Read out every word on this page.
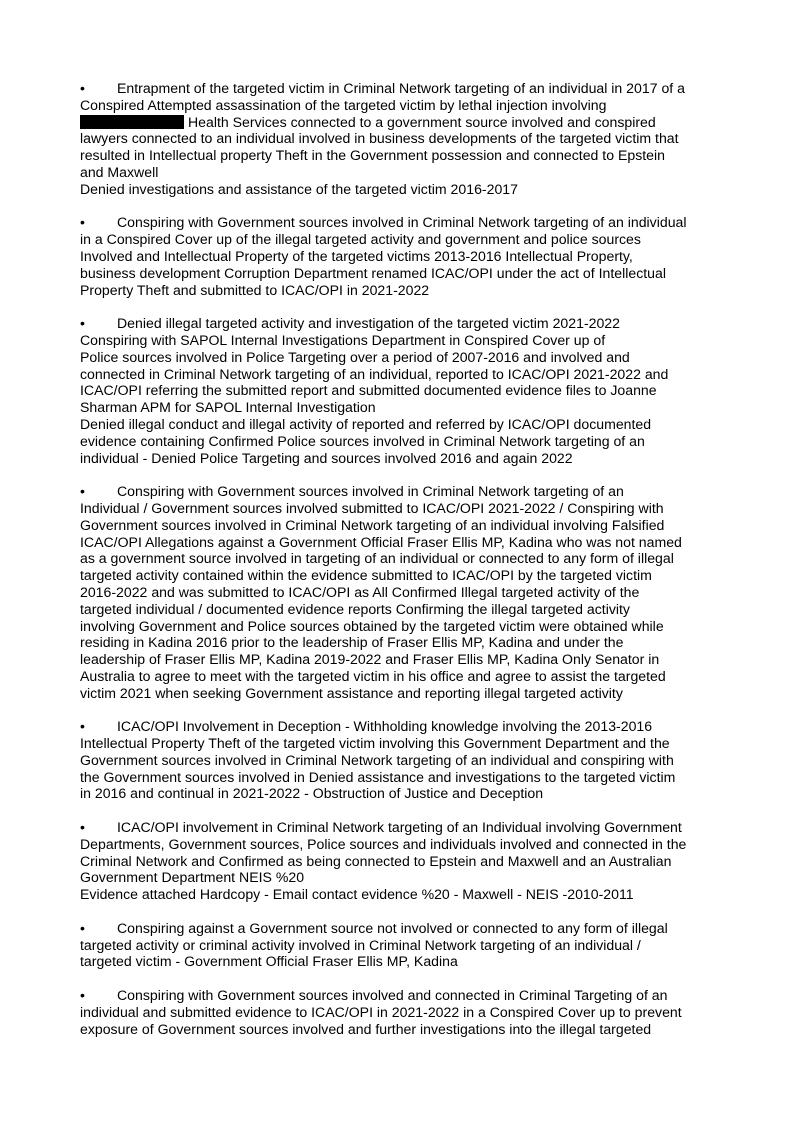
• Entrapment of the targeted victim in Criminal Network targeting of an individual in 2017 of a
Conspired Attempted assassination of the targeted victim by lethal injection involving
Health Services connected to a government source involved and conspired
lawyers connected to an individual involved in business developments of the targeted victim that
resulted in Intellectual property Theft in the Government possession and connected to Epstein
and Maxwell
Denied investigations and assistance of the targeted victim 2016-2017
• Conspiring with Government sources involved in Criminal Network targeting of an individual
in a Conspired Cover up of the illegal targeted activity and government and police sources
Involved and Intellectual Property of the targeted victims 2013-2016 Intellectual Property,
business development Corruption Department renamed ICAC/OPI under the act of Intellectual
Property Theft and submitted to ICAC/OPI in 2021-2022
• Denied illegal targeted activity and investigation of the targeted victim 2021-2022
Conspiring with SAPOL Internal Investigations Department in Conspired Cover up of
Police sources involved in Police Targeting over a period of 2007-2016 and involved and
connected in Criminal Network targeting of an individual, reported to ICAC/OPI 2021-2022 and
ICAC/OPI referring the submitted report and submitted documented evidence files to Joanne
Sharman APM for SAPOL Internal Investigation
Denied illegal conduct and illegal activity of reported and referred by ICAC/OPI documented
evidence containing Confirmed Police sources involved in Criminal Network targeting of an
individual - Denied Police Targeting and sources involved 2016 and again 2022
• Conspiring with Government sources involved in Criminal Network targeting of an
Individual / Government sources involved submitted to ICAC/OPI 2021-2022 / Conspiring with
Government sources involved in Criminal Network targeting of an individual involving Falsified
ICAC/OPI Allegations against a Government Official Fraser Ellis MP, Kadina who was not named
as a government source involved in targeting of an individual or connected to any form of illegal
targeted activity contained within the evidence submitted to ICAC/OPI by the targeted victim
2016-2022 and was submitted to ICAC/OPI as All Confirmed Illegal targeted activity of the
targeted individual / documented evidence reports Confirming the illegal targeted activity
involving Government and Police sources obtained by the targeted victim were obtained while
residing in Kadina 2016 prior to the leadership of Fraser Ellis MP, Kadina and under the
leadership of Fraser Ellis MP, Kadina 2019-2022 and Fraser Ellis MP, Kadina Only Senator in
Australia to agree to meet with the targeted victim in his office and agree to assist the targeted
victim 2021 when seeking Government assistance and reporting illegal targeted activity
• ICAC/OPI Involvement in Deception - Withholding knowledge involving the 2013-2016
Intellectual Property Theft of the targeted victim involving this Government Department and the
Government sources involved in Criminal Network targeting of an individual and conspiring with
the Government sources involved in Denied assistance and investigations to the targeted victim
in 2016 and continual in 2021-2022 - Obstruction of Justice and Deception
• ICAC/OPI involvement in Criminal Network targeting of an Individual involving Government
Departments, Government sources, Police sources and individuals involved and connected in the
Criminal Network and Confirmed as being connected to Epstein and Maxwell and an Australian
Government Department NEIS %20
Evidence attached Hardcopy - Email contact evidence %20 - Maxwell - NEIS -2010-2011
• Conspiring against a Government source not involved or connected to any form of illegal
targeted activity or criminal activity involved in Criminal Network targeting of an individual /
targeted victim - Government Official Fraser Ellis MP, Kadina
• Conspiring with Government sources involved and connected in Criminal Targeting of an
individual and submitted evidence to ICAC/OPI in 2021-2022 in a Conspired Cover up to prevent
exposure of Government sources involved and further investigations into the illegal targeted
